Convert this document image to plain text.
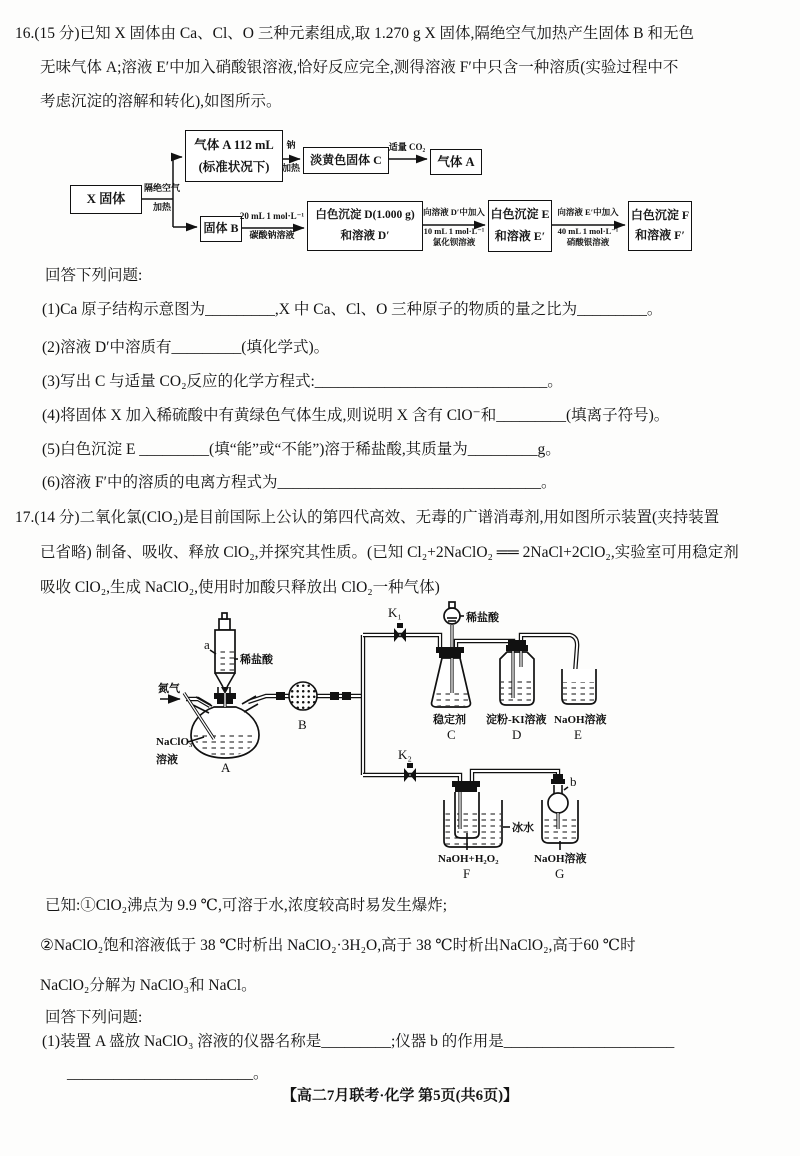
16.(15 分)已知 X 固体由 Ca、Cl、O 三种元素组成,取 1.270 g X 固体,隔绝空气加热产生固体 B 和无色
无味气体 A;溶液 E′中加入硝酸银溶液,恰好反应完全,测得溶液 F′中只含一种溶质(实验过程中不
考虑沉淀的溶解和转化),如图所示。
X 固体
隔绝空气
加热
气体 A 112 mL
(标准状况下)
钠
加热
淡黄色固体 C
适量 CO₂
气体 A
固体 B
20 mL 1 mol·L⁻¹
碳酸钠溶液
白色沉淀 D(1.000 g)
和溶液 D′
向溶液 D′中加入
10 mL 1 mol·L⁻¹
氯化钡溶液
白色沉淀 E
和溶液 E′
向溶液 E′中加入
40 mL 1 mol·L⁻¹
硝酸银溶液
白色沉淀 F
和溶液 F′
回答下列问题:
(1)Ca 原子结构示意图为_________,X 中 Ca、Cl、O 三种原子的物质的量之比为_________。
(2)溶液 D′中溶质有_________(填化学式)。
(3)写出 C 与适量 CO₂反应的化学方程式:______________________________。
(4)将固体 X 加入稀硫酸中有黄绿色气体生成,则说明 X 含有 ClO⁻和_________(填离子符号)。
(5)白色沉淀 E _________(填“能”或“不能”)溶于稀盐酸,其质量为_________g。
(6)溶液 F′中的溶质的电离方程式为__________________________________。
17.(14 分)二氧化氯(ClO₂)是目前国际上公认的第四代高效、无毒的广谱消毒剂,用如图所示装置(夹持装置
已省略) 制备、吸收、释放 ClO₂,并探究其性质。(已知 Cl₂+2NaClO₂ ══ 2NaCl+2ClO₂,实验室可用稳定剂
吸收 ClO₂,生成 NaClO₂,使用时加酸只释放出 ClO₂一种气体)
氮气
a
稀盐酸
NaClO₃
溶液	A
B
K₁
K₂
稀盐酸
稳定剂
C
淀粉-KI溶液
D
NaOH溶液
E
冰水
NaOH+H₂O₂
F
b
NaOH溶液
G
已知:①ClO₂沸点为 9.9 ℃,可溶于水,浓度较高时易发生爆炸;
②NaClO₂饱和溶液低于 38 ℃时析出 NaClO₂·3H₂O,高于 38 ℃时析出NaClO₂,高于60 ℃时
NaClO₂分解为 NaClO₃和 NaCl。
回答下列问题:
(1)装置 A 盛放 NaClO₃ 溶液的仪器名称是_________;仪器 b 的作用是______________________
________________________。
【高二7月联考·化学 第5页(共6页)】
